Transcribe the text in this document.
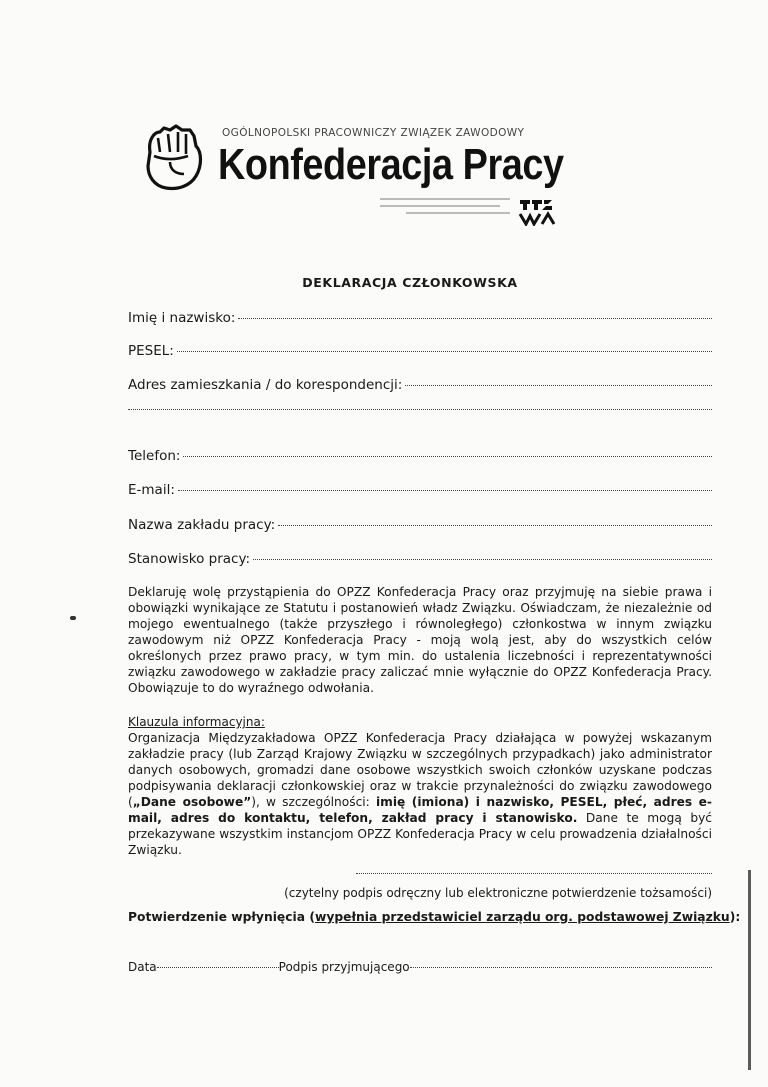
OGÓLNOPOLSKI PRACOWNICZY ZWIĄZEK ZAWODOWY
Konfederacja Pracy
DEKLARACJA CZŁONKOWSKA
Imię i nazwisko:
PESEL:
Adres zamieszkania / do korespondencji:
Telefon:
E-mail:
Nazwa zakładu pracy:
Stanowisko pracy:
Deklaruję wolę przystąpienia do OPZZ Konfederacja Pracy oraz przyjmuję na siebie prawa i obowiązki wynikające ze Statutu i postanowień władz Związku. Oświadczam, że niezależnie od mojego ewentualnego (także przyszłego i równoległego) członkostwa w innym związku zawodowym niż OPZZ Konfederacja Pracy - moją wolą jest, aby do wszystkich celów określonych przez prawo pracy, w tym min. do ustalenia liczebności i reprezentatywności związku zawodowego w zakładzie pracy zaliczać mnie wyłącznie do OPZZ Konfederacja Pracy. Obowiązuje to do wyraźnego odwołania.
Klauzula informacyjna:
Organizacja Międzyzakładowa OPZZ Konfederacja Pracy działająca w powyżej wskazanym zakładzie pracy (lub Zarząd Krajowy Związku w szczególnych przypadkach) jako administrator danych osobowych, gromadzi dane osobowe wszystkich swoich członków uzyskane podczas podpisywania deklaracji członkowskiej oraz w trakcie przynależności do związku zawodowego („Dane osobowe”), w szczególności: imię (imiona) i nazwisko, PESEL, płeć, adres e-mail, adres do kontaktu, telefon, zakład pracy i stanowisko. Dane te mogą być przekazywane wszystkim instancjom OPZZ Konfederacja Pracy w celu prowadzenia działalności Związku.
(czytelny podpis odręczny lub elektroniczne potwierdzenie tożsamości)
Potwierdzenie wpłynięcia (wypełnia przedstawiciel zarządu org. podstawowej Związku):
Data	Podpis przyjmującego
